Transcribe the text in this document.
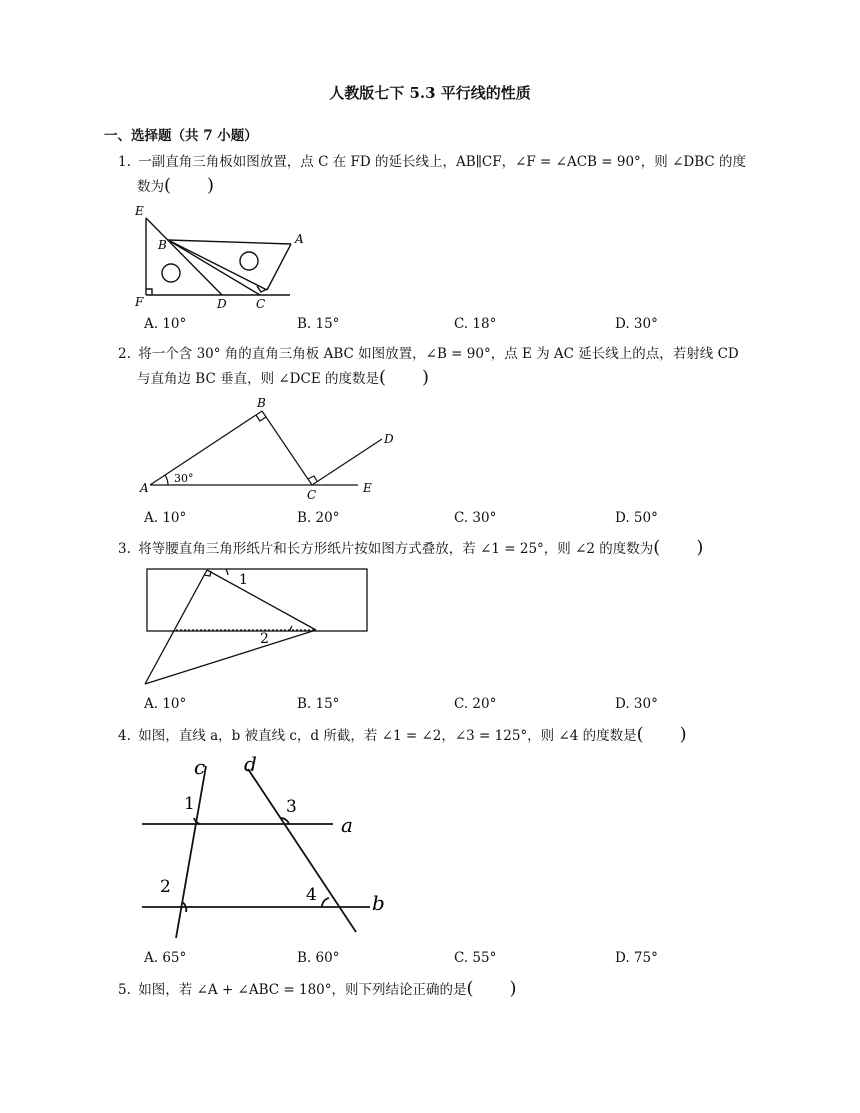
人教版七下 5.3 平行线的性质
一、选择题（共 7 小题）
1. 一副直角三角板如图放置，点 C 在 FD 的延长线上，AB∥CF，∠F = ∠ACB = 90°，则 ∠DBC 的度
数为(　　)
E
B	A
F	D C
A. 10°	B. 15°	C. 18°	D. 30°
2. 将一个含 30° 角的直角三角板 ABC 如图放置，∠B = 90°，点 E 为 AC 延长线上的点，若射线 CD
与直角边 BC 垂直，则 ∠DCE 的度数是(　　)
B
D
A
30°
C	E
A. 10°	B. 20°	C. 30°	D. 50°
3. 将等腰直角三角形纸片和长方形纸片按如图方式叠放，若 ∠1 = 25°，则 ∠2 的度数为(　　)
1
2
A. 10°	B. 15°	C. 20°	D. 30°
4. 如图，直线 a，b 被直线 c，d 所截，若 ∠1 = ∠2，∠3 = 125°，则 ∠4 的度数是(　　)
c d
1	3
a
2	4	b
A. 65°	B. 60°	C. 55°	D. 75°
5. 如图，若 ∠A + ∠ABC = 180°，则下列结论正确的是(　　)
